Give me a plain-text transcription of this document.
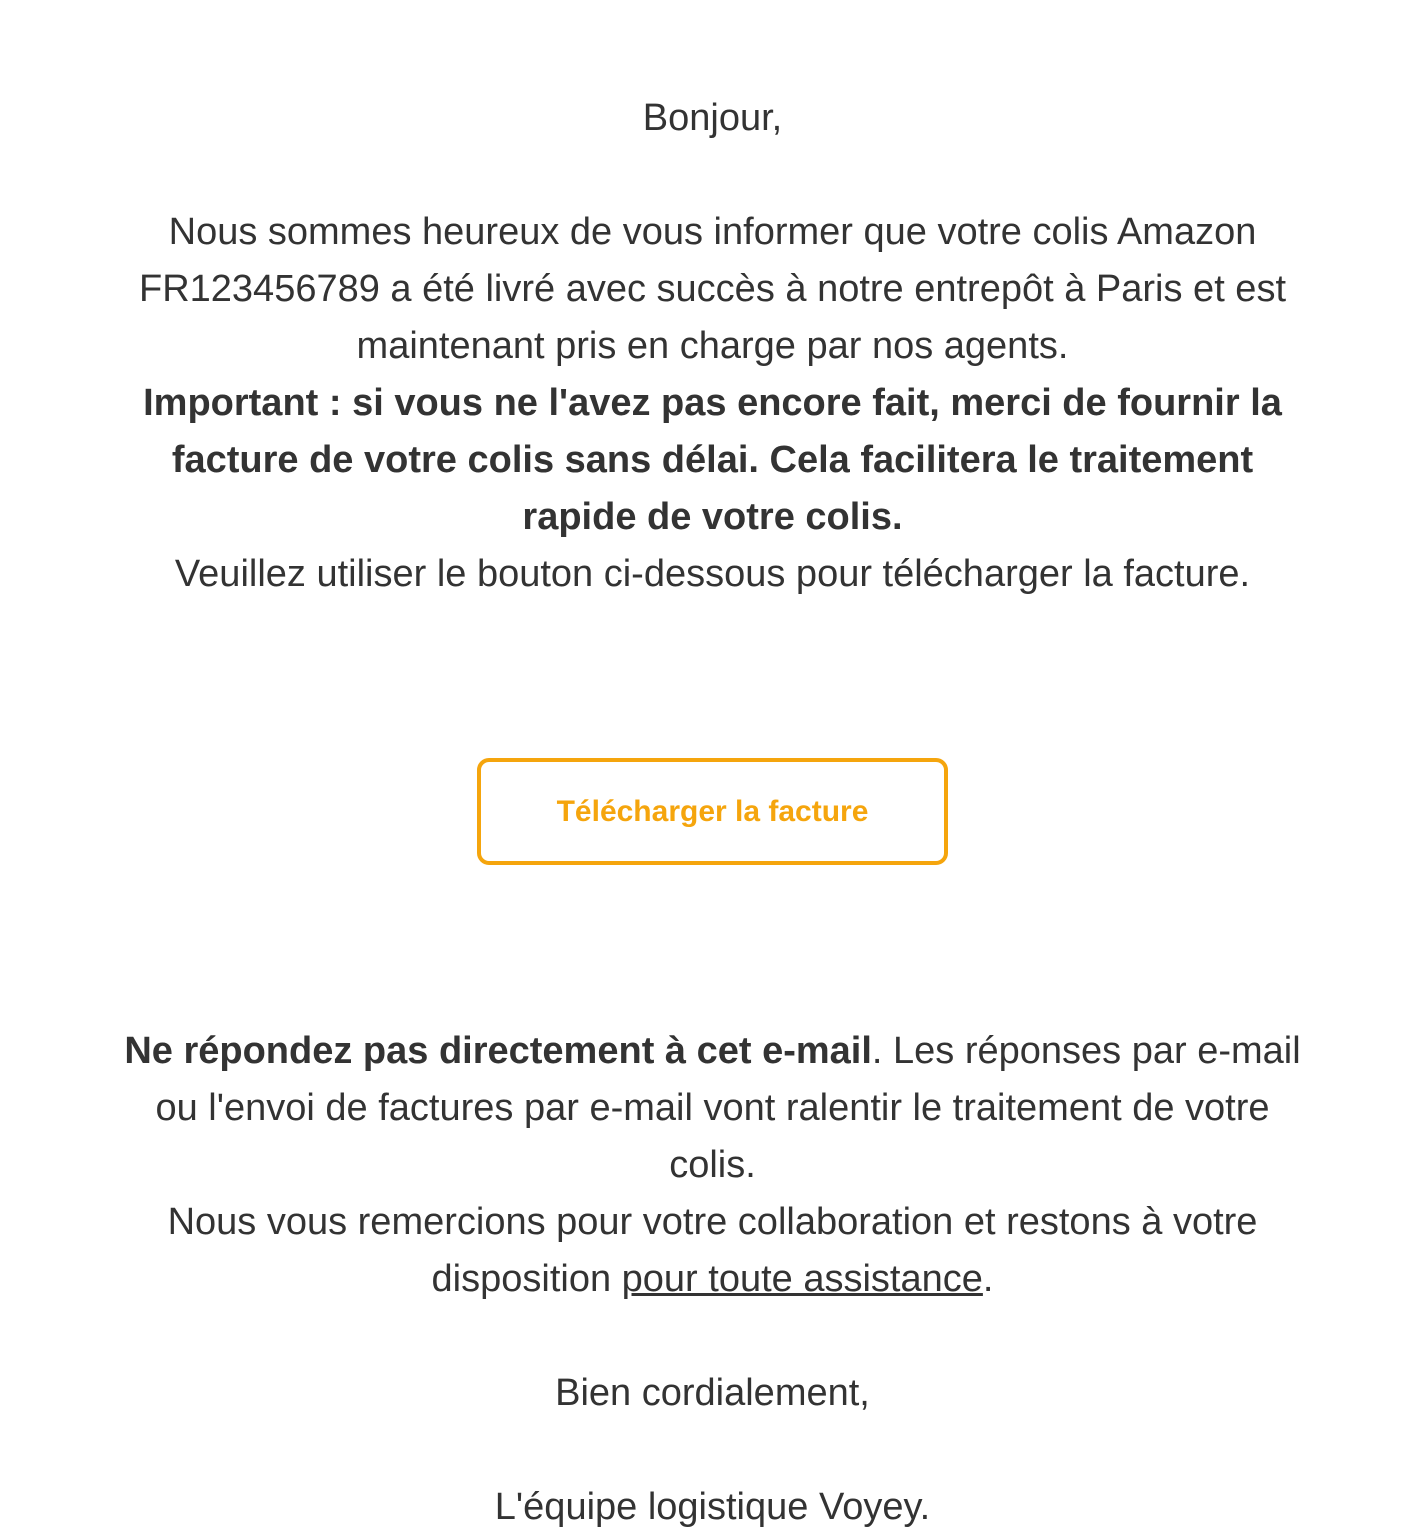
Bonjour,

Nous sommes heureux de vous informer que votre colis Amazon FR123456789 a été livré avec succès à notre entrepôt à Paris et est maintenant pris en charge par nos agents.

Important : si vous ne l'avez pas encore fait, merci de fournir la facture de votre colis sans délai. Cela facilitera le traitement rapide de votre colis.

Veuillez utiliser le bouton ci-dessous pour télécharger la facture.

Télécharger la facture

Ne répondez pas directement à cet e-mail. Les réponses par e-mail ou l'envoi de factures par e-mail vont ralentir le traitement de votre colis.

Nous vous remercions pour votre collaboration et restons à votre disposition pour toute assistance.

Bien cordialement,

L'équipe logistique Voyey.
